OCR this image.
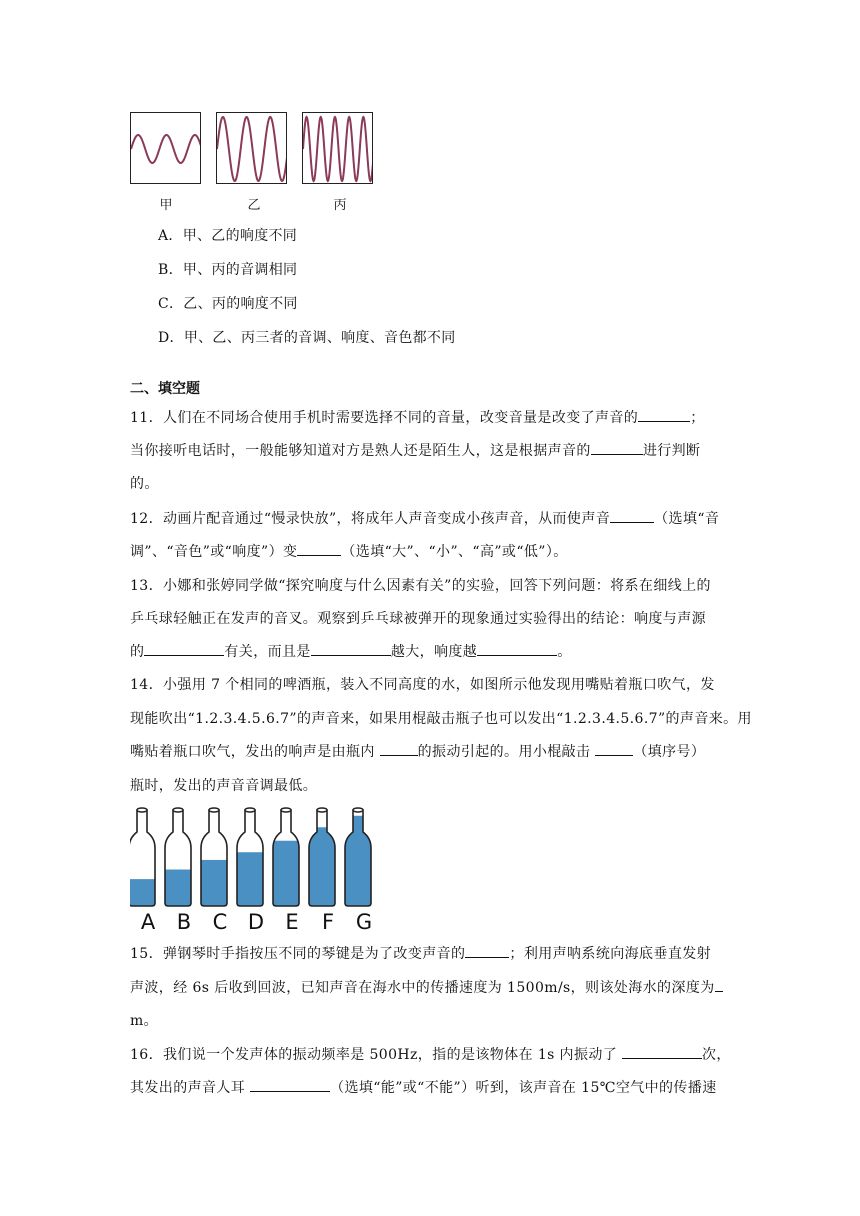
甲	乙	丙
A．甲、乙的响度不同
B．甲、丙的音调相同
C．乙、丙的响度不同
D．甲、乙、丙三者的音调、响度、音色都不同
二、填空题
11．人们在不同场合使用手机时需要选择不同的音量，改变音量是改变了声音的	；
当你接听电话时，一般能够知道对方是熟人还是陌生人，这是根据声音的	进行判断
的。
12．动画片配音通过“慢录快放”，将成年人声音变成小孩声音，从而使声音	（选填“音
调”、“音色”或“响度”）变	（选填“大”、“小”、“高”或“低”）。
13．小娜和张婷同学做“探究响度与什么因素有关”的实验，回答下列问题：将系在细线上的
乒乓球轻触正在发声的音叉。观察到乒乓球被弹开的现象通过实验得出的结论：响度与声源
的	有关，而且是	越大，响度越	。
14．小强用 7 个相同的啤酒瓶，装入不同高度的水，如图所示他发现用嘴贴着瓶口吹气，发
现能吹出“1.2.3.4.5.6.7”的声音来，如果用棍敲击瓶子也可以发出“1.2.3.4.5.6.7”的声音来。用
嘴贴着瓶口吹气，发出的响声是由瓶内	的振动引起的。用小棍敲击	（填序号）
瓶时，发出的声音音调最低。
A B C D E F G
15．弹钢琴时手指按压不同的琴键是为了改变声音的	；利用声呐系统向海底垂直发射
声波，经 6s 后收到回波，已知声音在海水中的传播速度为 1500m/s，则该处海水的深度为
m。
16．我们说一个发声体的振动频率是 500Hz，指的是该物体在 1s 内振动了	次，
其发出的声音人耳	（选填“能”或“不能”）听到，该声音在 15℃空气中的传播速
